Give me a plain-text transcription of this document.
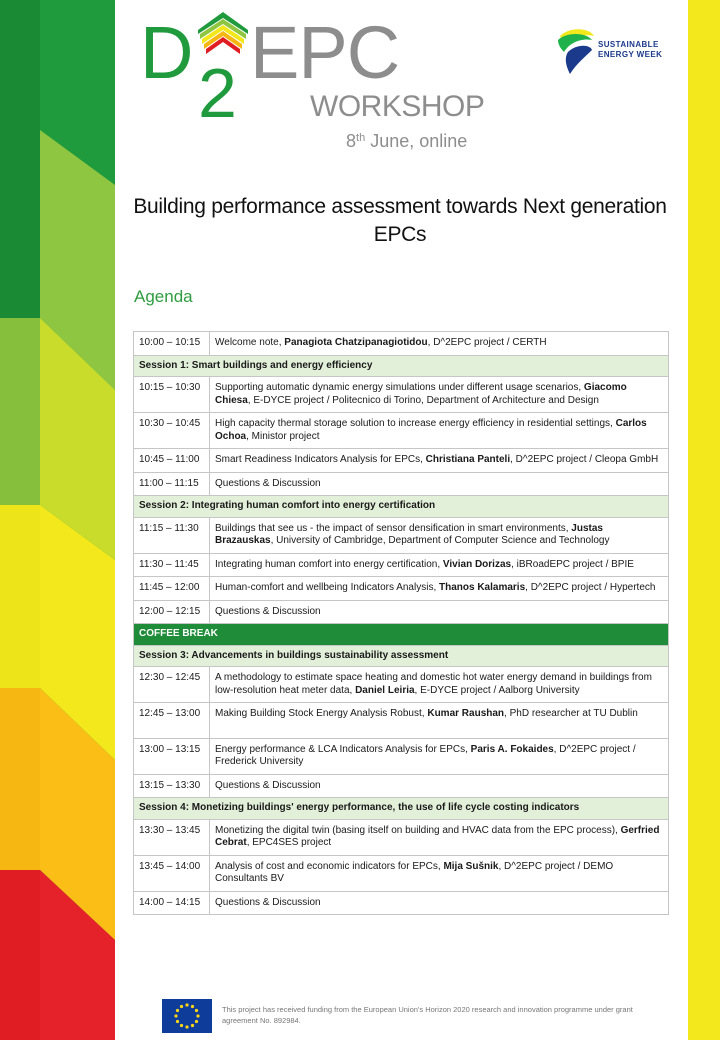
D 2 EPC
WORKSHOP
8th June, online
SUSTAINABLE
ENERGY WEEK
Building performance assessment towards Next generation EPCs
Agenda
10:00 – 10:15	Welcome note, Panagiota Chatzipanagiotidou, D^2EPC project / CERTH
Session 1: Smart buildings and energy efficiency	
10:15 – 10:30	Supporting automatic dynamic energy simulations under different usage scenarios, Giacomo Chiesa, E-DYCE project / Politecnico di Torino, Department of Architecture and Design
10:30 – 10:45	High capacity thermal storage solution to increase energy efficiency in residential settings, Carlos Ochoa, Ministor project
10:45 – 11:00	Smart Readiness Indicators Analysis for EPCs, Christiana Panteli, D^2EPC project / Cleopa GmbH
11:00 – 11:15	Questions & Discussion
Session 2: Integrating human comfort into energy certification	
11:15 – 11:30	Buildings that see us - the impact of sensor densification in smart environments, Justas Brazauskas, University of Cambridge, Department of Computer Science and Technology
11:30 – 11:45	Integrating human comfort into energy certification, Vivian Dorizas, iBRoadEPC project / BPIE
11:45 – 12:00	Human-comfort and wellbeing Indicators Analysis, Thanos Kalamaris, D^2EPC project / Hypertech
12:00 – 12:15	Questions & Discussion
COFFEE BREAK	
Session 3: Advancements in buildings sustainability assessment	
12:30 – 12:45	A methodology to estimate space heating and domestic hot water energy demand in buildings from low-resolution heat meter data, Daniel Leiria, E-DYCE project / Aalborg University
12:45 – 13:00	Making Building Stock Energy Analysis Robust, Kumar Raushan, PhD researcher at TU Dublin
13:00 – 13:15	Energy performance & LCA Indicators Analysis for EPCs, Paris A. Fokaides, D^2EPC project / Frederick University
13:15 – 13:30	Questions & Discussion
Session 4: Monetizing buildings' energy performance, the use of life cycle costing indicators	
13:30 – 13:45	Monetizing the digital twin (basing itself on building and HVAC data from the EPC process), Gerfried Cebrat, EPC4SES project
13:45 – 14:00	Analysis of cost and economic indicators for EPCs, Mija Sušnik, D^2EPC project / DEMO Consultants BV
14:00 – 14:15	Questions & Discussion
This project has received funding from the European Union's Horizon 2020 research and innovation programme under grant agreement No. 892984.
